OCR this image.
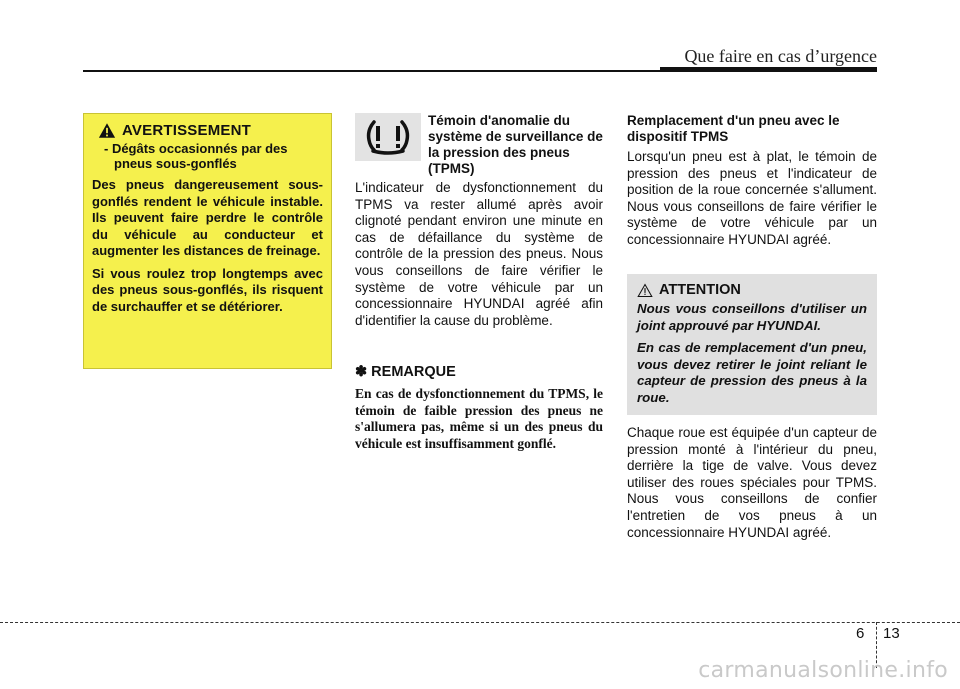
Que faire en cas d’urgence
AVERTISSEMENT
- Dégâts occasionnés par des pneus sous-gonflés

Des pneus dangereusement sous-gonflés rendent le véhicule instable. Ils peuvent faire perdre le contrôle du véhicule au conducteur et augmenter les distances de freinage.

Si vous roulez trop longtemps avec des pneus sous-gonflés, ils risquent de surchauffer et se détériorer.

Témoin d'anomalie du système de surveillance de la pression des pneus (TPMS)
L'indicateur de dysfonctionnement du TPMS va rester allumé après avoir clignoté pendant environ une minute en cas de défaillance du système de contrôle de la pression des pneus. Nous vous conseillons de faire vérifier le système de votre véhicule par un concessionnaire HYUNDAI agréé afin d'identifier la cause du problème.
✽ REMARQUE
En cas de dysfonctionnement du TPMS, le témoin de faible pression des pneus ne s'allumera pas, même si un des pneus du véhicule est insuffisamment gonflé.
Remplacement d'un pneu avec le dispositif TPMS
Lorsqu'un pneu est à plat, le témoin de pression des pneus et l'indicateur de position de la roue concernée s'allument. Nous vous conseillons de faire vérifier le système de votre véhicule par un concessionnaire HYUNDAI agréé.
ATTENTION

Nous vous conseillons d'utiliser un joint approuvé par HYUNDAI.

En cas de remplacement d'un pneu, vous devez retirer le joint reliant le capteur de pression des pneus à la roue.

Chaque roue est équipée d'un capteur de pression monté à l'intérieur du pneu, derrière la tige de valve. Vous devez utiliser des roues spéciales pour TPMS. Nous vous conseillons de confier l'entretien de vos pneus à un concessionnaire HYUNDAI agréé.
6 13
carmanualsonline.info
